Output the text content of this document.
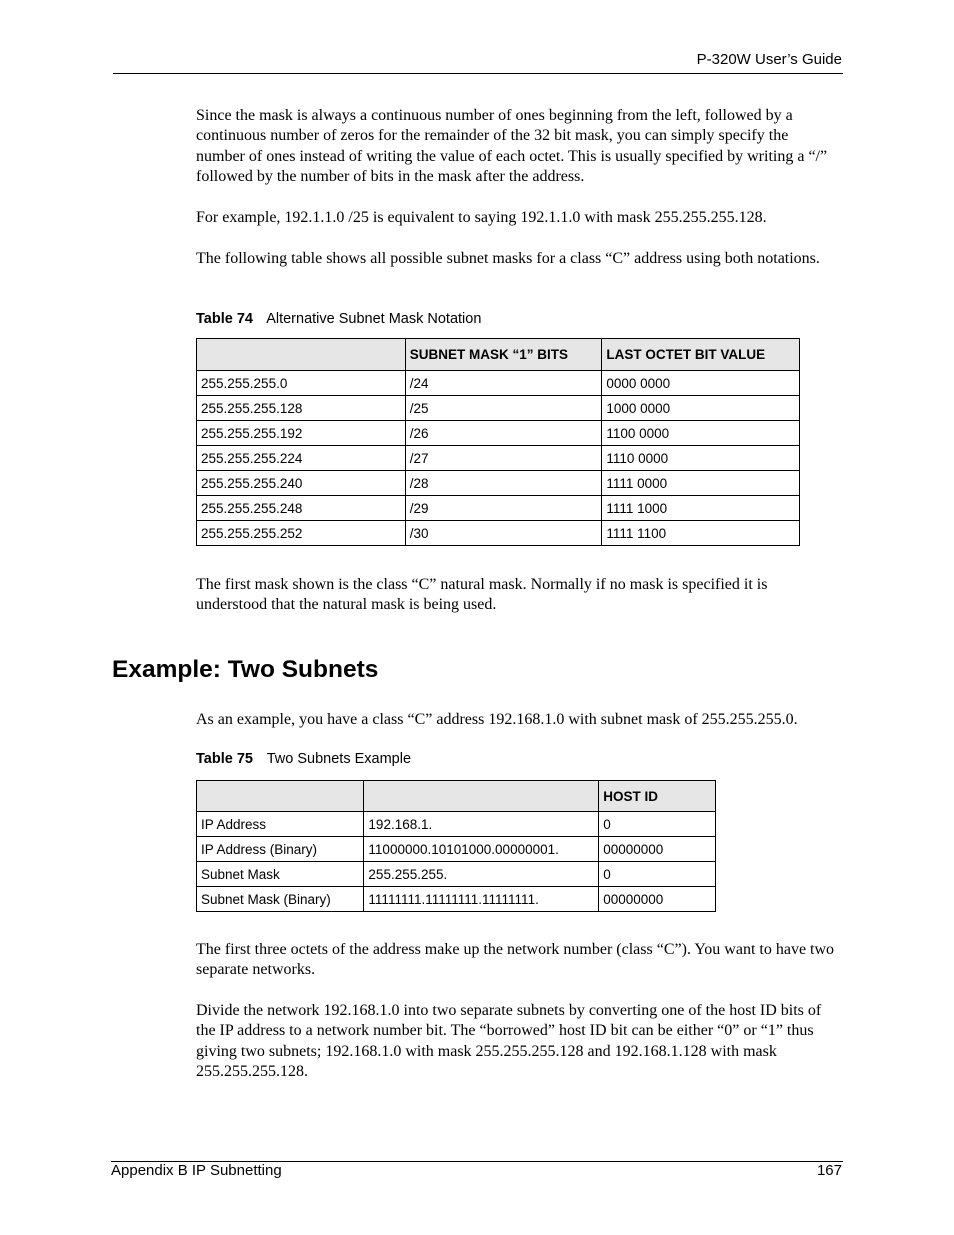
P-320W User’s Guide

Since the mask is always a continuous number of ones beginning from the left, followed by a continuous number of zeros for the remainder of the 32 bit mask, you can simply specify the number of ones instead of writing the value of each octet. This is usually specified by writing a “/” followed by the number of bits in the mask after the address.

For example, 192.1.1.0 /25 is equivalent to saying 192.1.1.0 with mask 255.255.255.128.

The following table shows all possible subnet masks for a class “C” address using both notations.

Table 74 Alternative Subnet Mask Notation
	SUBNET MASK “1” BITS	LAST OCTET BIT VALUE
255.255.255.0	/24	0000 0000
255.255.255.128	/25	1000 0000
255.255.255.192	/26	1100 0000
255.255.255.224	/27	1110 0000
255.255.255.240	/28	1111 0000
255.255.255.248	/29	1111 1000
255.255.255.252	/30	1111 1100

The first mask shown is the class “C” natural mask. Normally if no mask is specified it is understood that the natural mask is being used.

Example: Two Subnets

As an example, you have a class “C” address 192.168.1.0 with subnet mask of 255.255.255.0.

Table 75 Two Subnets Example
		HOST ID
IP Address	192.168.1.	0
IP Address (Binary)	11000000.10101000.00000001.	00000000
Subnet Mask	255.255.255.	0
Subnet Mask (Binary)	11111111.11111111.11111111.	00000000

The first three octets of the address make up the network number (class “C”). You want to have two separate networks.

Divide the network 192.168.1.0 into two separate subnets by converting one of the host ID bits of the IP address to a network number bit. The “borrowed” host ID bit can be either “0” or “1” thus giving two subnets; 192.168.1.0 with mask 255.255.255.128 and 192.168.1.128 with mask 255.255.255.128.

Appendix B IP Subnetting	167
